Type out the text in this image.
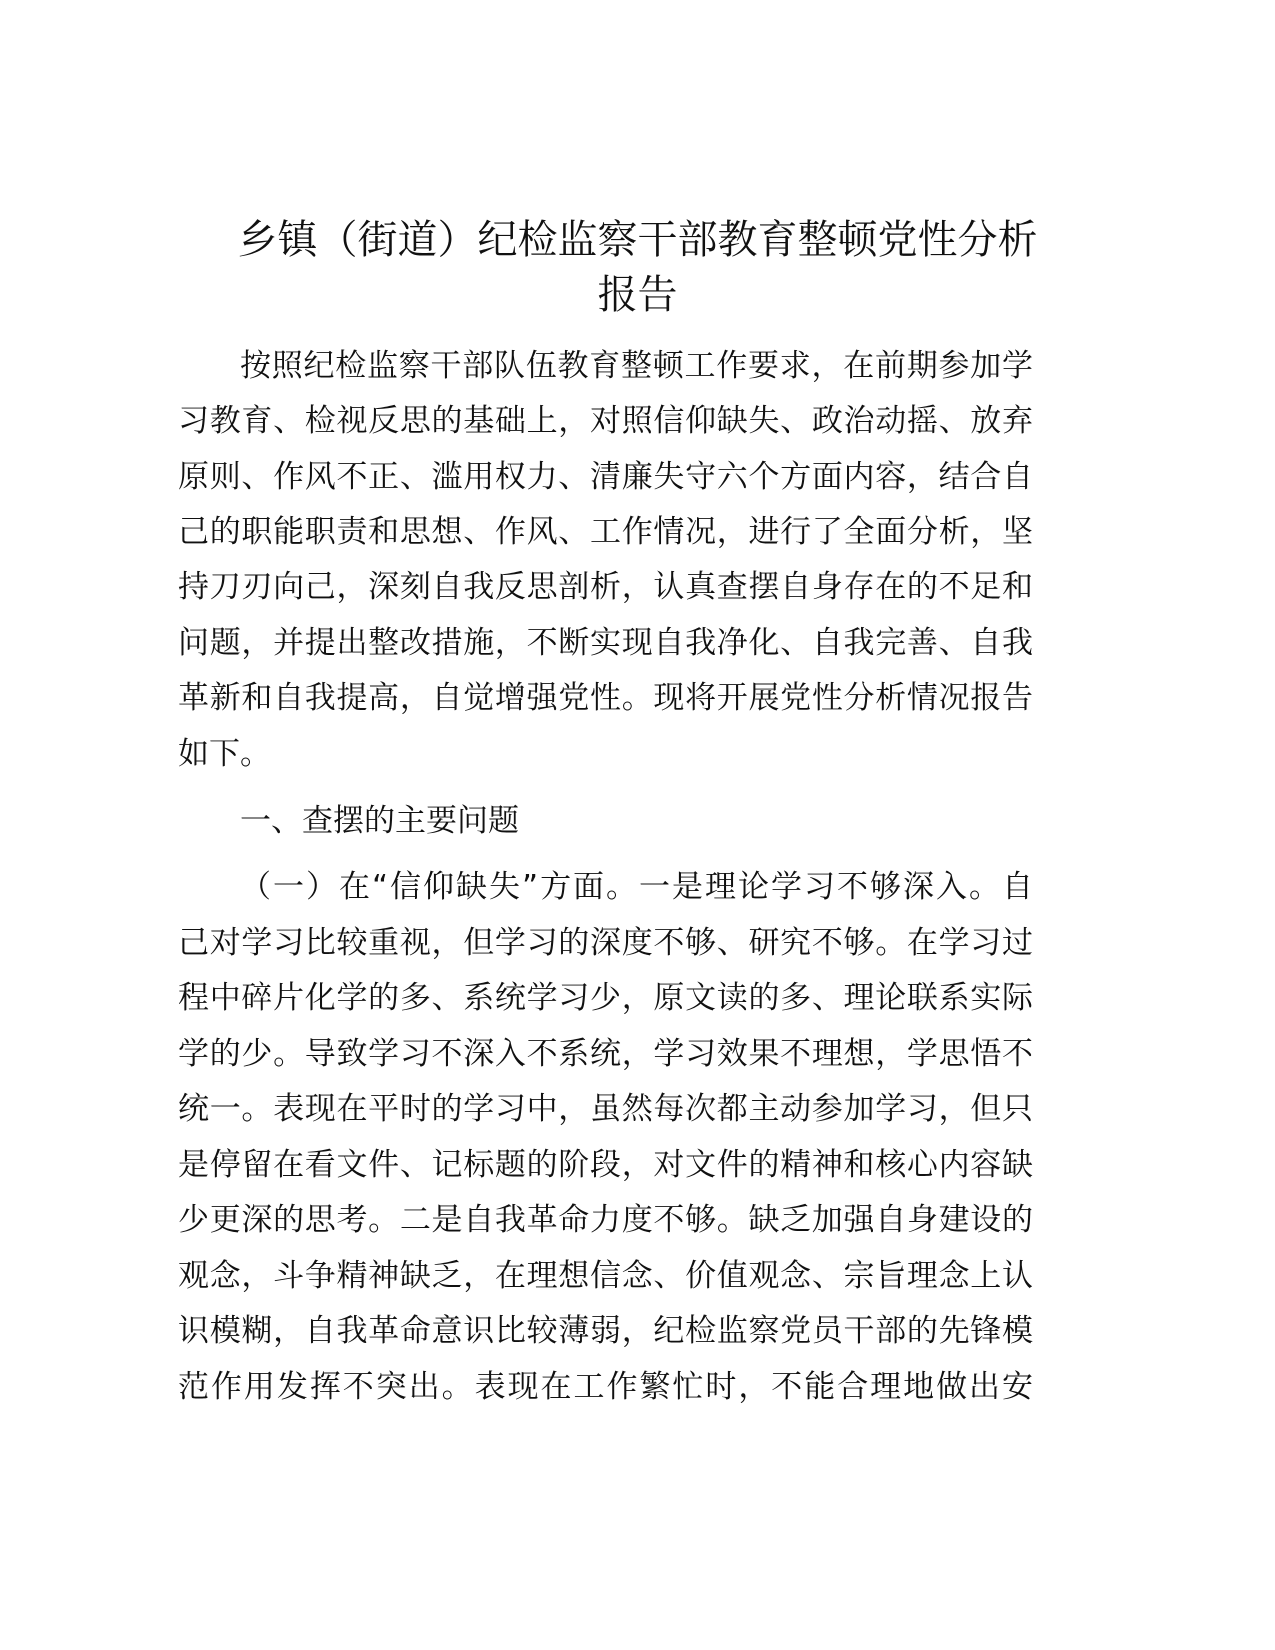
乡镇（街道）纪检监察干部教育整顿党性分析
报告
按照纪检监察干部队伍教育整顿工作要求，在前期参加学
习教育、检视反思的基础上，对照信仰缺失、政治动摇、放弃
原则、作风不正、滥用权力、清廉失守六个方面内容，结合自
己的职能职责和思想、作风、工作情况，进行了全面分析，坚
持刀刃向己，深刻自我反思剖析，认真查摆自身存在的不足和
问题，并提出整改措施，不断实现自我净化、自我完善、自我
革新和自我提高，自觉增强党性。现将开展党性分析情况报告
如下。
一、查摆的主要问题
（一）在“信仰缺失”方面。一是理论学习不够深入。自
己对学习比较重视，但学习的深度不够、研究不够。在学习过
程中碎片化学的多、系统学习少，原文读的多、理论联系实际
学的少。导致学习不深入不系统，学习效果不理想，学思悟不
统一。表现在平时的学习中，虽然每次都主动参加学习，但只
是停留在看文件、记标题的阶段，对文件的精神和核心内容缺
少更深的思考。二是自我革命力度不够。缺乏加强自身建设的
观念，斗争精神缺乏，在理想信念、价值观念、宗旨理念上认
识模糊，自我革命意识比较薄弱，纪检监察党员干部的先锋模
范作用发挥不突出。表现在工作繁忙时，不能合理地做出安
